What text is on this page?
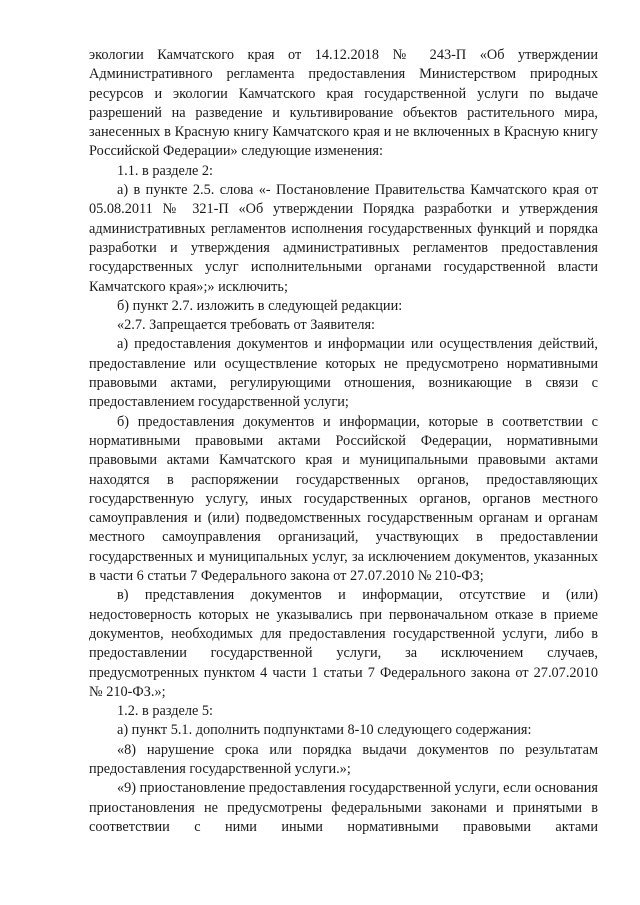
экологии Камчатского края от 14.12.2018 № 243-П «Об утверждении Административного регламента предоставления Министерством природных ресурсов и экологии Камчатского края государственной услуги по выдаче разрешений на разведение и культивирование объектов растительного мира, занесенных в Красную книгу Камчатского края и не включенных в Красную книгу Российской Федерации» следующие изменения:

1.1. в разделе 2:

а) в пункте 2.5. слова «- Постановление Правительства Камчатского края от 05.08.2011 № 321-П «Об утверждении Порядка разработки и утверждения административных регламентов исполнения государственных функций и порядка разработки и утверждения административных регламентов предоставления государственных услуг исполнительными органами государственной власти Камчатского края»;» исключить;

б) пункт 2.7. изложить в следующей редакции:

«2.7. Запрещается требовать от Заявителя:

а) предоставления документов и информации или осуществления действий, предоставление или осуществление которых не предусмотрено нормативными правовыми актами, регулирующими отношения, возникающие в связи с предоставлением государственной услуги;

б) предоставления документов и информации, которые в соответствии с нормативными правовыми актами Российской Федерации, нормативными правовыми актами Камчатского края и муниципальными правовыми актами находятся в распоряжении государственных органов, предоставляющих государственную услугу, иных государственных органов, органов местного самоуправления и (или) подведомственных государственным органам и органам местного самоуправления организаций, участвующих в предоставлении государственных и муниципальных услуг, за исключением документов, указанных в части 6 статьи 7 Федерального закона от 27.07.2010 № 210-ФЗ;

в) представления документов и информации, отсутствие и (или) недостоверность которых не указывались при первоначальном отказе в приеме документов, необходимых для предоставления государственной услуги, либо в предоставлении государственной услуги, за исключением случаев, предусмотренных пунктом 4 части 1 статьи 7 Федерального закона от 27.07.2010 № 210-ФЗ.»;

1.2. в разделе 5:

а) пункт 5.1. дополнить подпунктами 8-10 следующего содержания:

«8) нарушение срока или порядка выдачи документов по результатам предоставления государственной услуги.»;

«9) приостановление предоставления государственной услуги, если основания приостановления не предусмотрены федеральными законами и принятыми в соответствии с ними иными нормативными правовыми актами
